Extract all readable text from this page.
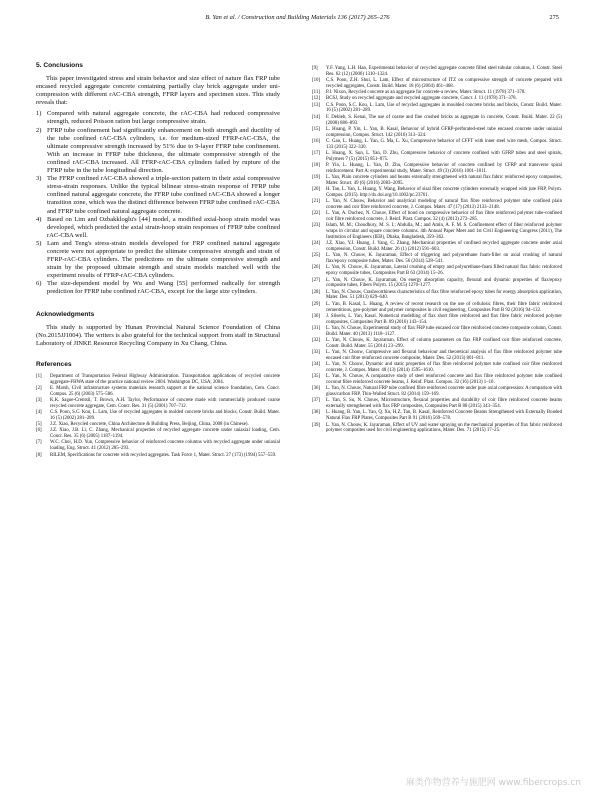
B. Yan et al. / Construction and Building Materials 136 (2017) 265–276	275
5. Conclusions

This paper investigated stress and strain behavior and size effect of nature flax FRP tube encased recycled aggregate concrete containing partially clay brick aggregate under uni-compression with different rAC-CBA strength, FFRP layers and specimen sizes. This study reveals that:

1) Compared with natural aggregate concrete, the rAC-CBA had reduced compressive strength, reduced Poisson ration but large compressive strain.
2) FFRP tube confinement had significantly enhancement on both strength and ductility of the tube confined rAC-CBA cylinders, i.e. for medium-sized FFRP-rAC-CBA, the ultimate compressive strength increased by 51% due to 9-layer FFRP tube confinement. With an increase in FFRP tube thickness, the ultimate compressive strength of the confined rAC-CBA increased. All FFRP-rAC-CBA cylinders failed by rupture of the FFRP tube in the tube longitudinal direction.
3) The FFRP confined rAC-CBA showed a triple-section pattern in their axial compressive stress-strain responses. Unlike the typical bilinear stress-strain response of FFRP tube confined natural aggregate concrete, the FFRP tube confined rAC-CBA showed a longer transition zone, which was the distinct difference between FFRP tube confined rAC-CBA and FFRP tube confined natural aggregate concrete.
4) Based on Lim and Ozbakkloglu's [44] model, a modified axial-hoop strain model was developed, which predicted the axial strain-hoop strain responses of FFRP tube confined rAC-CBA well.
5) Lam and Teng's stress-strain models developed for FRP confined natural aggregate concrete were not appropriate to predict the ultimate compressive strength and strain of FFRP-rAC-CBA cylinders. The predictions on the ultimate compressive strength and strain by the proposed ultimate strength and strain models matched well with the experiment results of FFRP-rAC-CBA cylinders.
6) The size-dependent model by Wu and Wang [55] performed radically for strength prediction for FFRP tube confined rAC-CBA, except for the large size cylinders.
Acknowledgments

This study is supported by Hunan Provincial Natural Science Foundation of China (No.2015JJ1004). The writers is also grateful for the technical support from staff in Structural Laboratory of JINKE Resource Recycling Company in Xu Chang, China.

References
[1] Department of Transportation Federal Highway Administration. Transportation applications of recycled concrete aggregate-FHWA state of the practice national review 2004. Washington DC, USA; 2004.
[2] E. Marsh, Civil infrastructure systems materials research support at the national science foundation, Cem. Concr. Compos. 25 (6) (2003) 575–586.
[3] K.K. Sagoe-Crentsil, T. Brown, A.H. Taylor, Performance of concrete made with commercially produced coarse recycled concrete aggregate, Cem. Concr. Res. 31 (5) (2001) 707–712.
[4] C.S. Poon, S.C. Kou, L. Lam, Use of recycled aggregates in molded concrete bricks and blocks, Constr. Build. Mater. 16 (5) (2002) 281–289.
[5] J.Z. Xiao, Recycled concrete, China Architecture & Building Press, Beijing, China, 2008 (in Chinese).
[6] J.Z. Xiao, J.B. Li, C. Zhang, Mechanical properties of recycled aggregate concrete under uniaxial loading, Cem. Concr. Res. 35 (6) (2005) 1187–1194.
[7] W.C. Choi, H.D. Yun, Compressive behavior of reinforced concrete columns with recycled aggregate under uniaxial loading, Eng. Struct. 41 (2012) 285–293.
[8] RILEM, Specifications for concrete with recycled aggregates. Task Force 1, Mater. Struct. 27 (173) (1994) 557–559.
[9] Y.F. Yang, L.H. Han, Experimental behavior of recycled aggregate concrete filled steel tubular columns, J. Constr. Steel Res. 62 (12) (2006) 1310–1324.
[10] C.S. Poon, Z.H. Shui, L. Lam, Effect of microstructure of ITZ on compressive strength of concrete prepared with recycled aggregates, Constr. Build. Mater. 18 (6) (2004) 461–468.
[11] P.J. Nixon, Recycled concrete as an aggregate for concrete-a review, Mater. Struct. 11 (1978) 371–378.
[12] BCSJ, Study on recycled aggregate and recycled aggregate concrete, Concr. J. 11 (1978) 371–378.
[13] C.S. Poon, S.C. Kou, L. Lam, Use of recycled aggregates in moulded concrete bricks and blocks, Constr. Build. Mater. 16 (5) (2002) 281–289.
[14] F. Debieb, S. Kenai, The use of coarse and fine crushed bricks as aggregate in concrete, Constr. Build. Mater. 22 (5) (2008) 886–893.
[15] L. Huang, P. Yin, L. Yan, B. Kasal, Behavior of hybrid GFRP-perforated-steel tube encased concrete under uniaxial compression, Compos. Struct. 142 (2016) 313–324.
[16] C. Gao, L. Huang, L. Yan, G. Ma, L. Xu, Compressive behavior of CFFT with inner steel wire mesh, Compos. Struct. 133 (2015) 322–330.
[17] L. Huang, X. Sun, L. Yan, D. Zhu, Compressive behavior of concrete confined with GFRP tubes and steel spirals, Polymers 7 (5) (2015) 851–875.
[18] P. Yin, L. Huang, L. Yan, D. Zhu, Compressive behavior of concrete confined by CFRP and transverse spiral reinforcement. Part A: experimental study, Mater. Struct. 49 (3) (2016) 1001–1011.
[19] L. Yan, Plain concrete cylinders and beams externally strengthened with natural flax fabric reinforced epoxy composites, Mater. Struct. 49 (6) (2016) 2083–2095.
[20] H. Tan, L. Yan, L. Huang, Y. Wang, Behavior of sisal fiber concrete cylinders externally wrapped with jute FRP, Polym. Compos. (2015). http://dx.doi.org/10.1002/pc.23761.
[21] L. Yan, N. Chouw, Behavior and analytical modeling of natural flax fibre reinforced polymer tube confined plain concrete and coir fibre reinforced concrete, J. Compos. Mater. 47 (17) (2013) 2133–2148.
[22] L. Yan, A. Duchez, N. Chouw, Effect of bond on compressive behavior of flax fibre reinforced polymer tube-confined coir fibre reinforced concrete, J. Reinf. Plast. Compos. 32 (4) (2013) 273–285.
[23] Islam, M. M.; Choudhury, M. S. I.; Abdulla, M.; and Amin, A. F. M. S. Confinement effect of fiber reinforced polymer wraps in circular and square concrete columns. 4th Annual Paper Meet and 1st Civil Engineering Congress (2011), The Institution of Engineers (IEB), Dhaka, Bangladesh, 359–362.
[24] J.Z. Xiao, Y.J. Huang, J. Yang, C. Zhang, Mechanical properties of confined recycled aggregate concrete under axial compression, Constr. Build. Mater. 26 (1) (2012) 591–603.
[25] L. Yan, N. Chouw, K. Jayaraman, Effect of triggering and polyurethane foam-filler on axial crushing of natural flax/epoxy composite tubes, Mater. Des. 56 (2014) 528–541.
[26] L. Yan, N. Chouw, K. Jayaraman, Lateral crushing of empty and polyurethane-foam filled natural flax fabric reinforced epoxy composite tubes, Composites Part B 63 (2014) 15–26.
[27] L. Yan, N. Chouw, K. Jayaraman, On energy absorption capacity, flexural and dynamic properties of flax/epoxy composite tubes, Fibers Polym. 15 (2015) 1270–1277.
[28] L. Yan, N. Chouw, Crashworthiness characteristics of flax fibre reinforced epoxy tubes for energy absorption application, Mater. Des. 51 (2013) 629–640.
[29] L. Yan, B. Kasal, L. Huang, A review of recent research on the use of cellulosic fibres, their fibre fabric reinforced cementitious, geo-polymer and polymer composites in civil engineering, Composites Part B 92 (2016) 94–132.
[30] J. Sliseris, L. Yan, Kasal. Numerical modelling of flax short fibre reinforced and flax fibre fabric reinforced polymer composites, Composites Part B. 89 (2016) 143–154.
[31] L. Yan, N. Chouw, Experimental study of flax FRP tube encased coir fibre reinforced concrete composite column, Constr. Build. Mater. 40 (2013) 1118–1127.
[32] L. Yan, N. Chouw, K. Jayaraman, Effect of column parameters on flax FRP confined coir fibre reinforced concrete, Constr. Build. Mater. 55 (2014) 23–299.
[33] L. Yan, N. Chouw, Compressive and flexural behaviour and theoretical analysis of flax fibre reinforced polymer tube encased coir fibre reinforced concrete composite, Mater. Des. 52 (2013) 801–811.
[34] L. Yan, N. Chouw, Dynamic and static properties of flax fibre reinforced polymer tube confined coir fibre reinforced concrete, J. Compos. Mater. 48 (13) (2014) 1595–1610.
[35] L. Yan, N. Chouw, A comparative study of steel reinforced concrete and flax fibre reinforced polymer tube confined coconut fibre reinforced concrete beams, J. Reinf. Plast. Compos. 32 (16) (2013) 1–10.
[36] L. Yan, N. Chouw, Natural FRP tube confined fibre reinforced concrete under pure axial compression: A comparison with glass/carbon FRP, Thin-Walled Struct. 82 (2014) 159–169.
[37] L. Yan, S. Su, N. Chouw, Microstructure, flexural properties and durability of coir fibre reinforced concrete beams externally strengthened with flax FRP composites, Composites Part B 80 (2015) 343–354.
[38] L. Huang, B. Yan, L. Yan, Q. Xu, H.Z. Tan, B. Kasal, Reinforced Concrete Beams Strengthened with Externally Bonded Natural Flax FRP Plates, Composites Part B 91 (2016) 569–578.
[39] L. Yan, N. Chouw, K. Jayaraman, Effect of UV and water spraying on the mechanical properties of flax fabric reinforced polymer composites used for civil engineering applications, Mater. Des. 71 (2015) 17–25.
麻类作物营养与施肥网 www.fibercrops.cn
